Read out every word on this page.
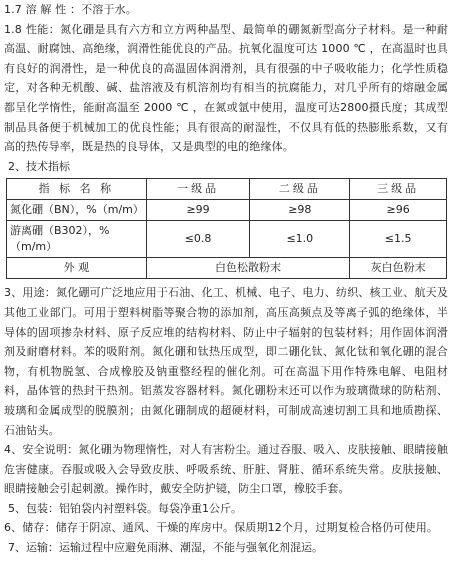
1.7 溶 解 性 ：不溶于水。

1.8 性能：氮化硼是具有六方和立方两种晶型、最简单的硼氮新型高分子材料。是一种耐高温、耐腐蚀、高绝缘，润滑性能优良的产品。抗氧化温度可达 1000 ℃ ，在高温时也具有良好的润滑性，是一种优良的高温固体润滑剂，具有很强的中子吸收能力；化学性质稳定，对各种无机酸、碱、盐溶液及有机溶剂均有相当的抗腐能力，对几乎所有的熔融金属都呈化学惰性，能耐高温至 2000 ℃ ，在氮或氩中使用，温度可达2800摄氏度；其成型制品具备便于机械加工的优良性能；具有很高的耐湿性，不仅具有低的热膨胀系数，又有高的热传导率，既是热的良导体，又是典型的电的绝缘体。

2、技术指标

指 标 名 称	一级品	二级品	三级品
氮化硼（BN），%（m/m）	≥99	≥98	≥96
游离硼（B302），%（m/m）	≤0.8	≤1.0	≤1.5
外 观	白色松散粉末		灰白色粉末

3、用途：氮化硼可广泛地应用于石油、化工、机械、电子、电力、纺织、核工业、航天及其他工业部门。可用于塑料树脂等聚合物的添加剂，高压高频点及等离子弧的绝缘体，半导体的固项掺杂材料、原子反应堆的结构材料、防止中子辐射的包装材料；用作固体润滑剂及耐磨材料。苯的吸附剂。氮化硼和钛热压成型，即二硼化钛、氮化钛和氧化硼的混合物，有机物脱氢、合成橡胶及钠重整经程的催化剂。可在高温下用作特殊电解、电阻材料，晶体管的热封干热剂。铝蒸发容器材料。氮化硼粉末还可以作为玻璃微球的防粘剂、玻璃和金属成型的脱膜剂；由氮化硼制成的超硬材料，可制成高速切割工具和地质勘探、石油钻头。

4、安全说明：氮化硼为物理惰性，对人有害粉尘。通过吞服、吸入、皮肤接触、眼睛接触危害健康。吞服或吸入会导致皮肤、呼吸系统、肝脏、肾脏、循环系统失常。皮肤接触、眼睛接触会引起刺激。操作时，戴安全防护镜，防尘口罩，橡胶手套。

5、包装：铝铂袋内衬塑料袋。每袋净重1公斤。

6、储存：储存于阴凉、通风、干燥的库房中。保质期12个月，过期复检合格仍可使用。

7、运输：运输过程中应避免雨淋、潮湿，不能与强氧化剂混运。
